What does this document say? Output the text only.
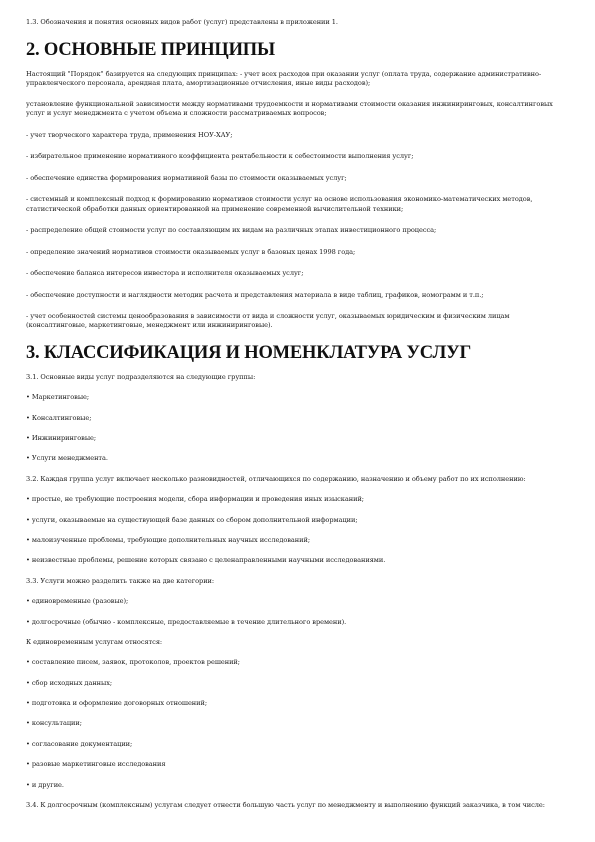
1.3. Обозначения и понятия основных видов работ (услуг) представлены в приложении 1.

2. ОСНОВНЫЕ ПРИНЦИПЫ

Настоящий "Порядок" базируется на следующих принципах: - учет всех расходов при оказании услуг (оплата труда, содержание административно-управленческого персонала, арендная плата, амортизационные отчисления, иные виды расходов);

установление функциональной зависимости между нормативами трудоемкости и нормативами стоимости оказания инжиниринговых, консалтинговых услуг и услуг менеджмента с учетом объема и сложности рассматриваемых вопросов;

- учет творческого характера труда, применения НОУ-ХАУ;

- избирательное применение нормативного коэффициента рентабельности к себестоимости выполнения услуг;

- обеспечение единства формирования нормативной базы по стоимости оказываемых услуг;

- системный и комплексный подход к формированию нормативов стоимости услуг на основе использования экономико-математических методов, статистической обработки данных ориентированной на применение современной вычислительной техники;

- распределение общей стоимости услуг по составляющим их видам на различных этапах инвестиционного процесса;

- определение значений нормативов стоимости оказываемых услуг в базовых ценах 1998 года;

- обеспечение баланса интересов инвестора и исполнителя оказываемых услуг;

- обеспечение доступности и наглядности методик расчета и представления материала в виде таблиц, графиков, номограмм и т.п.;

- учет особенностей системы ценообразования в зависимости от вида и сложности услуг, оказываемых юридическим и физическим лицам (консалтинговые, маркетинговые, менеджмент или инжиниринговые).

3. КЛАССИФИКАЦИЯ И НОМЕНКЛАТУРА УСЛУГ

3.1. Основные виды услуг подразделяются на следующие группы:

• Маркетинговые;

• Консалтинговые;

• Инжиниринговые;

• Услуги менеджмента.

3.2. Каждая группа услуг включает несколько разновидностей, отличающихся по содержанию, назначению и объему работ по их исполнению:

• простые, не требующие построения модели, сбора информации и проведения иных изысканий;

• услуги, оказываемые на существующей базе данных со сбором дополнительной информации;

• малоизученные проблемы, требующие дополнительных научных исследований;

• неизвестные проблемы, решение которых связано с целенаправленными научными исследованиями.

3.3. Услуги можно разделить также на две категории:

• единовременные (разовые);

• долгосрочные (обычно - комплексные, предоставляемые в течение длительного времени).

К единовременным услугам относятся:

• составление писем, заявок, протоколов, проектов решений;

• сбор исходных данных;

• подготовка и оформление договорных отношений;

• консультации;

• согласование документации;

• разовые маркетинговые исследования

• и другие.

3.4. К долгосрочным (комплексным) услугам следует отнести большую часть услуг по менеджменту и выполнению функций заказчика, в том числе:
